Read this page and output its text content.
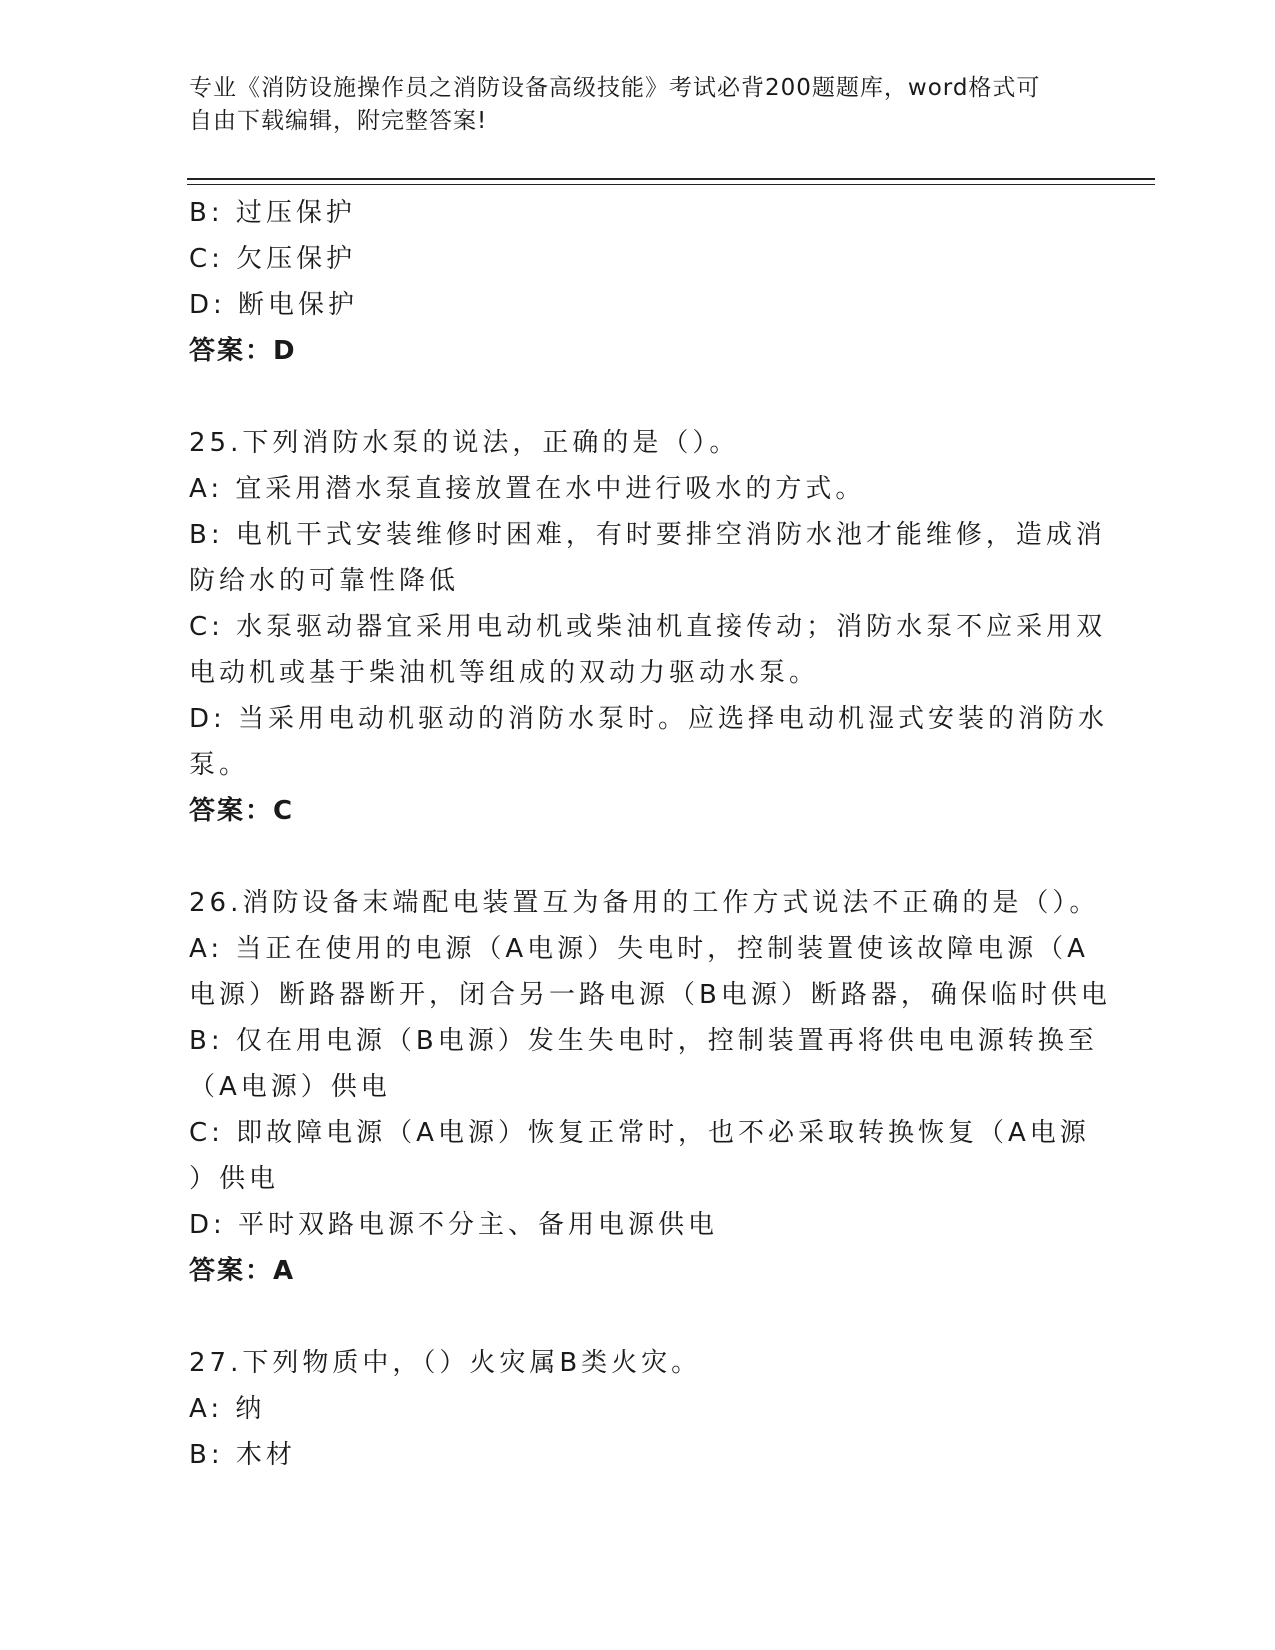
专业《消防设施操作员之消防设备高级技能》考试必背200题题库，word格式可
自由下载编辑，附完整答案!
B: 过压保护
C: 欠压保护
D: 断电保护
答案：D
25.下列消防水泵的说法，正确的是（）。
A: 宜采用潜水泵直接放置在水中进行吸水的方式。
B: 电机干式安装维修时困难，有时要排空消防水池才能维修，造成消
防给水的可靠性降低
C: 水泵驱动器宜采用电动机或柴油机直接传动；消防水泵不应采用双
电动机或基于柴油机等组成的双动力驱动水泵。
D: 当采用电动机驱动的消防水泵时。应选择电动机湿式安装的消防水
泵。
答案：C
26.消防设备末端配电装置互为备用的工作方式说法不正确的是（）。
A: 当正在使用的电源（A电源）失电时，控制装置使该故障电源（A
电源）断路器断开，闭合另一路电源（B电源）断路器，确保临时供电
B: 仅在用电源（B电源）发生失电时，控制装置再将供电电源转换至
（A电源）供电
C: 即故障电源（A电源）恢复正常时，也不必采取转换恢复（A电源
）供电
D: 平时双路电源不分主、备用电源供电
答案：A
27.下列物质中，（）火灾属B类火灾。
A: 纳
B: 木材
